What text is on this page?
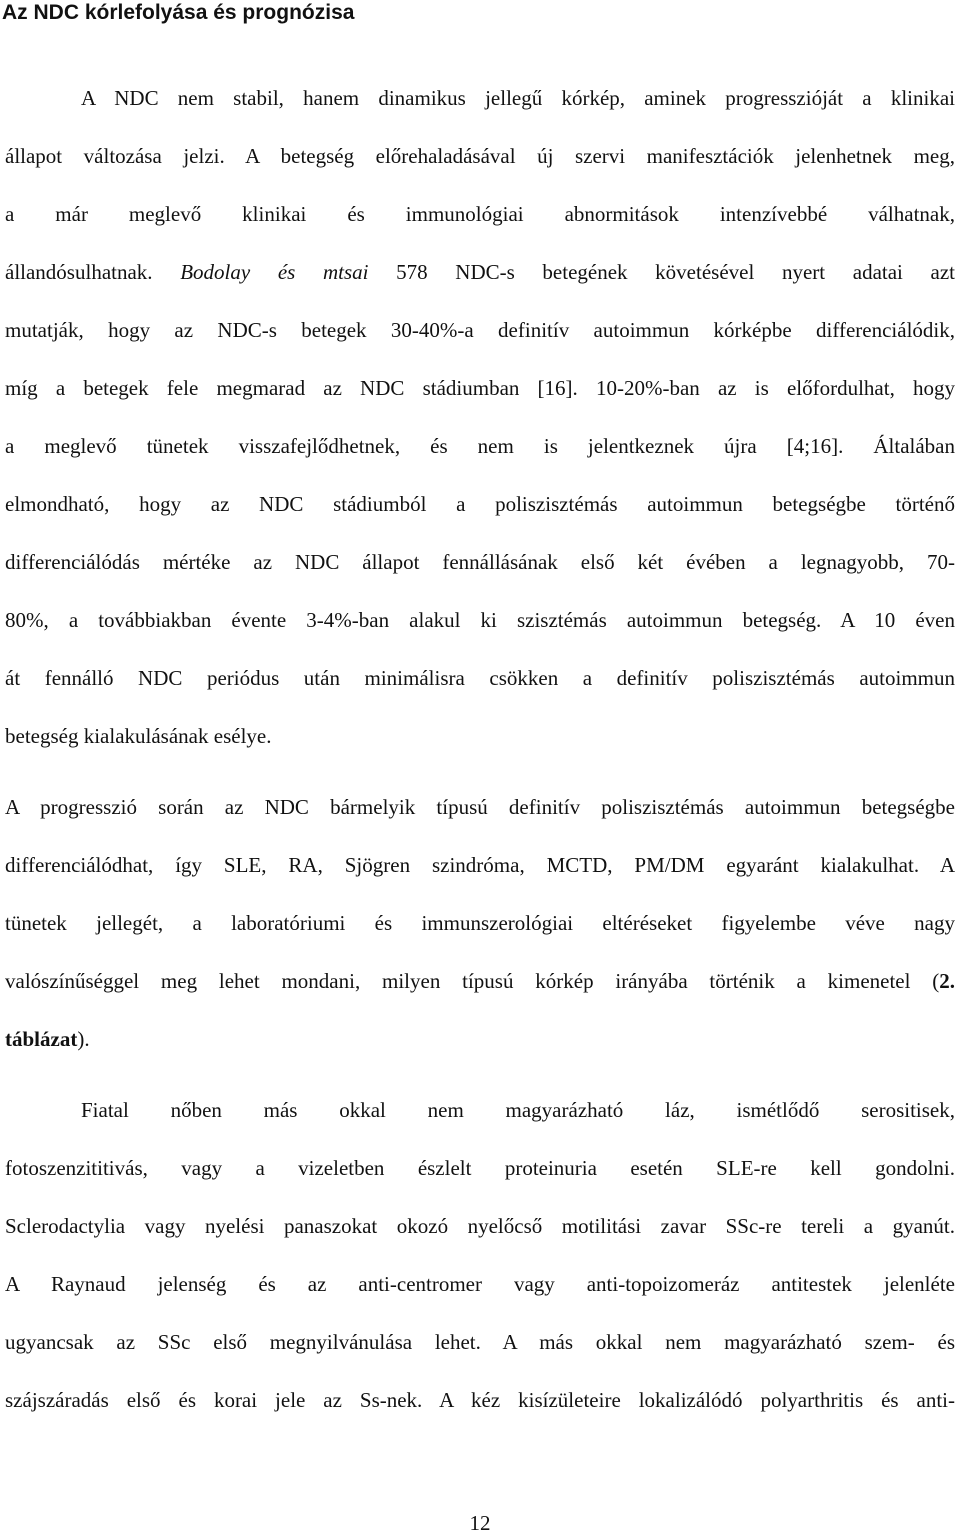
Az NDC kórlefolyása és prognózisa

A NDC nem stabil, hanem dinamikus jellegű kórkép, aminek progresszióját a klinikai
állapot változása jelzi. A betegség előrehaladásával új szervi manifesztációk jelenhetnek meg,
a már meglevő klinikai és immunológiai abnormitások intenzívebbé válhatnak,
állandósulhatnak. Bodolay és mtsai 578 NDC-s betegének követésével nyert adatai azt
mutatják, hogy az NDC-s betegek 30-40%-a definitív autoimmun kórképbe differenciálódik,
míg a betegek fele megmarad az NDC stádiumban [16]. 10-20%-ban az is előfordulhat, hogy
a meglevő tünetek visszafejlődhetnek, és nem is jelentkeznek újra [4;16]. Általában
elmondható, hogy az NDC stádiumból a poliszisztémás autoimmun betegségbe történő
differenciálódás mértéke az NDC állapot fennállásának első két évében a legnagyobb, 70-
80%, a továbbiakban évente 3-4%-ban alakul ki szisztémás autoimmun betegség. A 10 éven
át fennálló NDC periódus után minimálisra csökken a definitív poliszisztémás autoimmun
betegség kialakulásának esélye.

A progresszió során az NDC bármelyik típusú definitív poliszisztémás autoimmun betegségbe
differenciálódhat, így SLE, RA, Sjögren szindróma, MCTD, PM/DM egyaránt kialakulhat. A
tünetek jellegét, a laboratóriumi és immunszerológiai eltéréseket figyelembe véve nagy
valószínűséggel meg lehet mondani, milyen típusú kórkép irányába történik a kimenetel (2.
táblázat).

Fiatal nőben más okkal nem magyarázható láz, ismétlődő serositisek,
fotoszenzititivás, vagy a vizeletben észlelt proteinuria esetén SLE-re kell gondolni.
Sclerodactylia vagy nyelési panaszokat okozó nyelőcső motilitási zavar SSc-re tereli a gyanút.
A Raynaud jelenség és az anti-centromer vagy anti-topoizomeráz antitestek jelenléte
ugyancsak az SSc első megnyilvánulása lehet. A más okkal nem magyarázható szem- és
szájszáradás első és korai jele az Ss-nek. A kéz kisízületeire lokalizálódó polyarthritis és anti-

12
